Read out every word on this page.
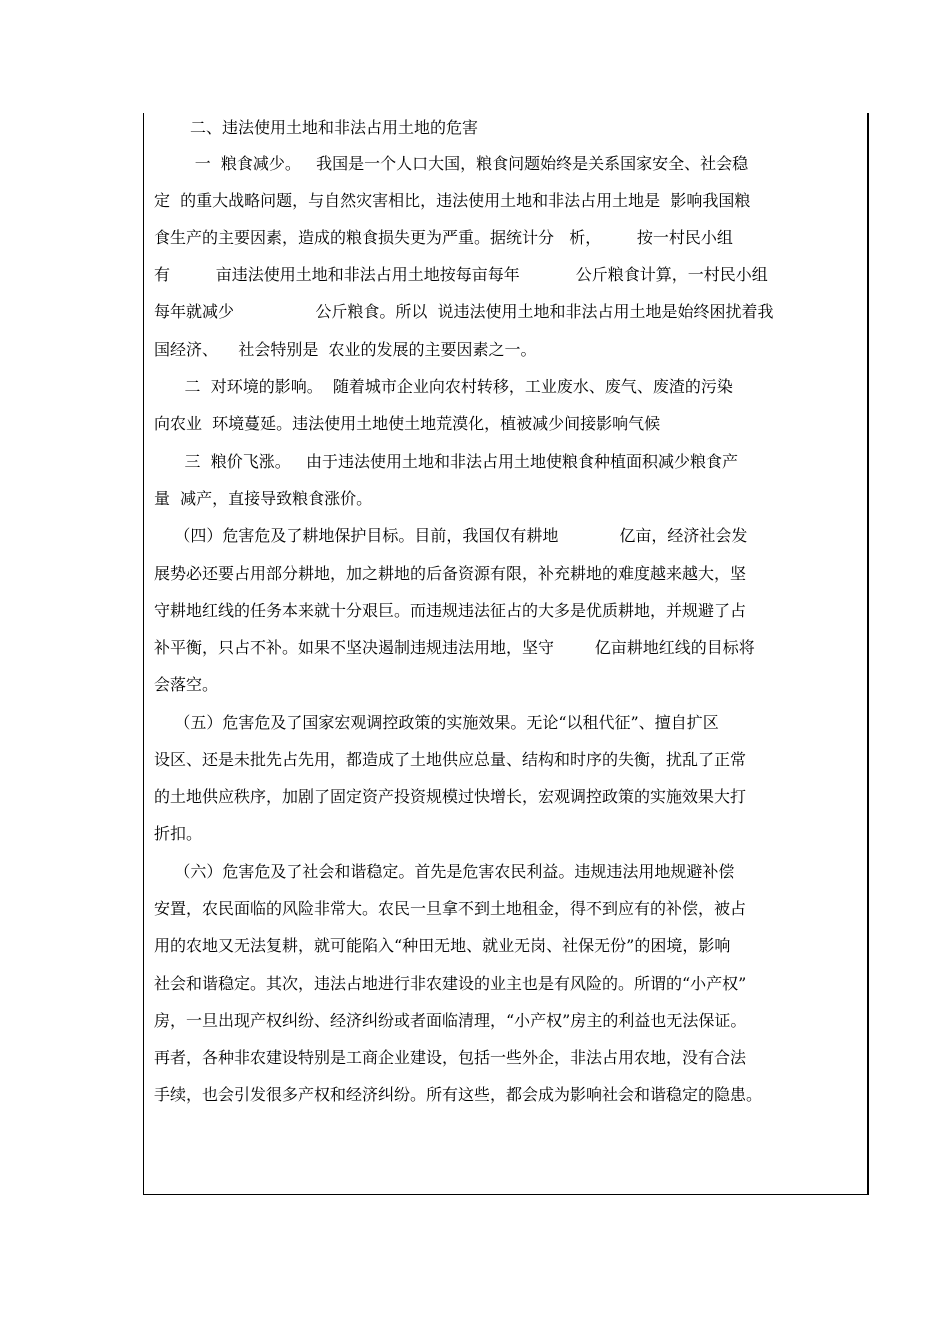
二、违法使用土地和非法占用土地的危害
一  粮食减少。   我国是一个人口大国，粮食问题始终是关系国家安全、社会稳
定  的重大战略问题，与自然灾害相比，违法使用土地和非法占用土地是  影响我国粮
食生产的主要因素，造成的粮食损失更为严重。据统计分   析，       按一村民小组
有         亩违法使用土地和非法占用土地按每亩每年           公斤粮食计算，一村民小组
每年就减少                公斤粮食。所以  说违法使用土地和非法占用土地是始终困扰着我
国经济、    社会特别是  农业的发展的主要因素之一。
二  对环境的影响。  随着城市企业向农村转移，工业废水、废气、废渣的污染
向农业  环境蔓延。违法使用土地使土地荒漠化，植被减少间接影响气候
三  粮价飞涨。   由于违法使用土地和非法占用土地使粮食种植面积减少粮食产
量  减产，直接导致粮食涨价。
（四）危害危及了耕地保护目标。目前，我国仅有耕地            亿亩，经济社会发
展势必还要占用部分耕地，加之耕地的后备资源有限，补充耕地的难度越来越大，坚
守耕地红线的任务本来就十分艰巨。而违规违法征占的大多是优质耕地，并规避了占
补平衡，只占不补。如果不坚决遏制违规违法用地，坚守        亿亩耕地红线的目标将
会落空。
（五）危害危及了国家宏观调控政策的实施效果。无论“以租代征”、擅自扩区
设区、还是未批先占先用，都造成了土地供应总量、结构和时序的失衡，扰乱了正常
的土地供应秩序，加剧了固定资产投资规模过快增长，宏观调控政策的实施效果大打
折扣。
（六）危害危及了社会和谐稳定。首先是危害农民利益。违规违法用地规避补偿
安置，农民面临的风险非常大。农民一旦拿不到土地租金，得不到应有的补偿，被占
用的农地又无法复耕，就可能陷入“种田无地、就业无岗、社保无份”的困境，影响
社会和谐稳定。其次，违法占地进行非农建设的业主也是有风险的。所谓的“小产权”
房，一旦出现产权纠纷、经济纠纷或者面临清理，“小产权”房主的利益也无法保证。
再者，各种非农建设特别是工商企业建设，包括一些外企，非法占用农地，没有合法
手续，也会引发很多产权和经济纠纷。所有这些，都会成为影响社会和谐稳定的隐患。
